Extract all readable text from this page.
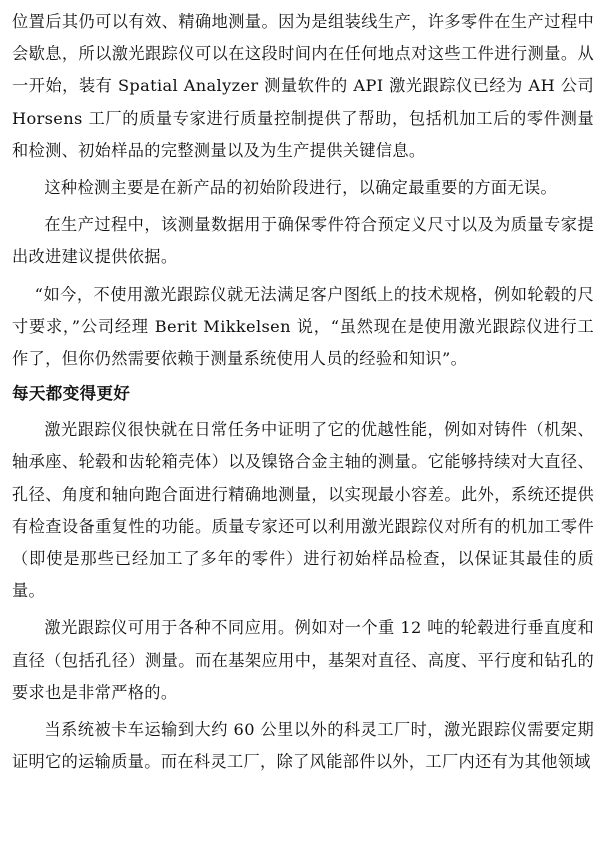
位置后其仍可以有效、精确地测量。因为是组装线生产，许多零件在生产过程中会歇息，所以激光跟踪仪可以在这段时间内在任何地点对这些工件进行测量。从一开始，装有 Spatial Analyzer 测量软件的 API 激光跟踪仪已经为 AH 公司 Horsens 工厂的质量专家进行质量控制提供了帮助，包括机加工后的零件测量和检测、初始样品的完整测量以及为生产提供关键信息。

这种检测主要是在新产品的初始阶段进行，以确定最重要的方面无误。

在生产过程中，该测量数据用于确保零件符合预定义尺寸以及为质量专家提出改进建议提供依据。

“如今，不使用激光跟踪仪就无法满足客户图纸上的技术规格，例如轮毂的尺寸要求，”公司经理 Berit Mikkelsen 说，“虽然现在是使用激光跟踪仪进行工作了，但你仍然需要依赖于测量系统使用人员的经验和知识”。

每天都变得更好

激光跟踪仪很快就在日常任务中证明了它的优越性能，例如对铸件（机架、轴承座、轮毂和齿轮箱壳体）以及镍铬合金主轴的测量。它能够持续对大直径、孔径、角度和轴向跑合面进行精确地测量，以实现最小容差。此外，系统还提供有检查设备重复性的功能。质量专家还可以利用激光跟踪仪对所有的机加工零件（即使是那些已经加工了多年的零件）进行初始样品检查，以保证其最佳的质量。

激光跟踪仪可用于各种不同应用。例如对一个重 12 吨的轮毂进行垂直度和直径（包括孔径）测量。而在基架应用中，基架对直径、高度、平行度和钻孔的要求也是非常严格的。

当系统被卡车运输到大约 60 公里以外的科灵工厂时，激光跟踪仪需要定期证明它的运输质量。而在科灵工厂，除了风能部件以外，工厂内还有为其他领域
